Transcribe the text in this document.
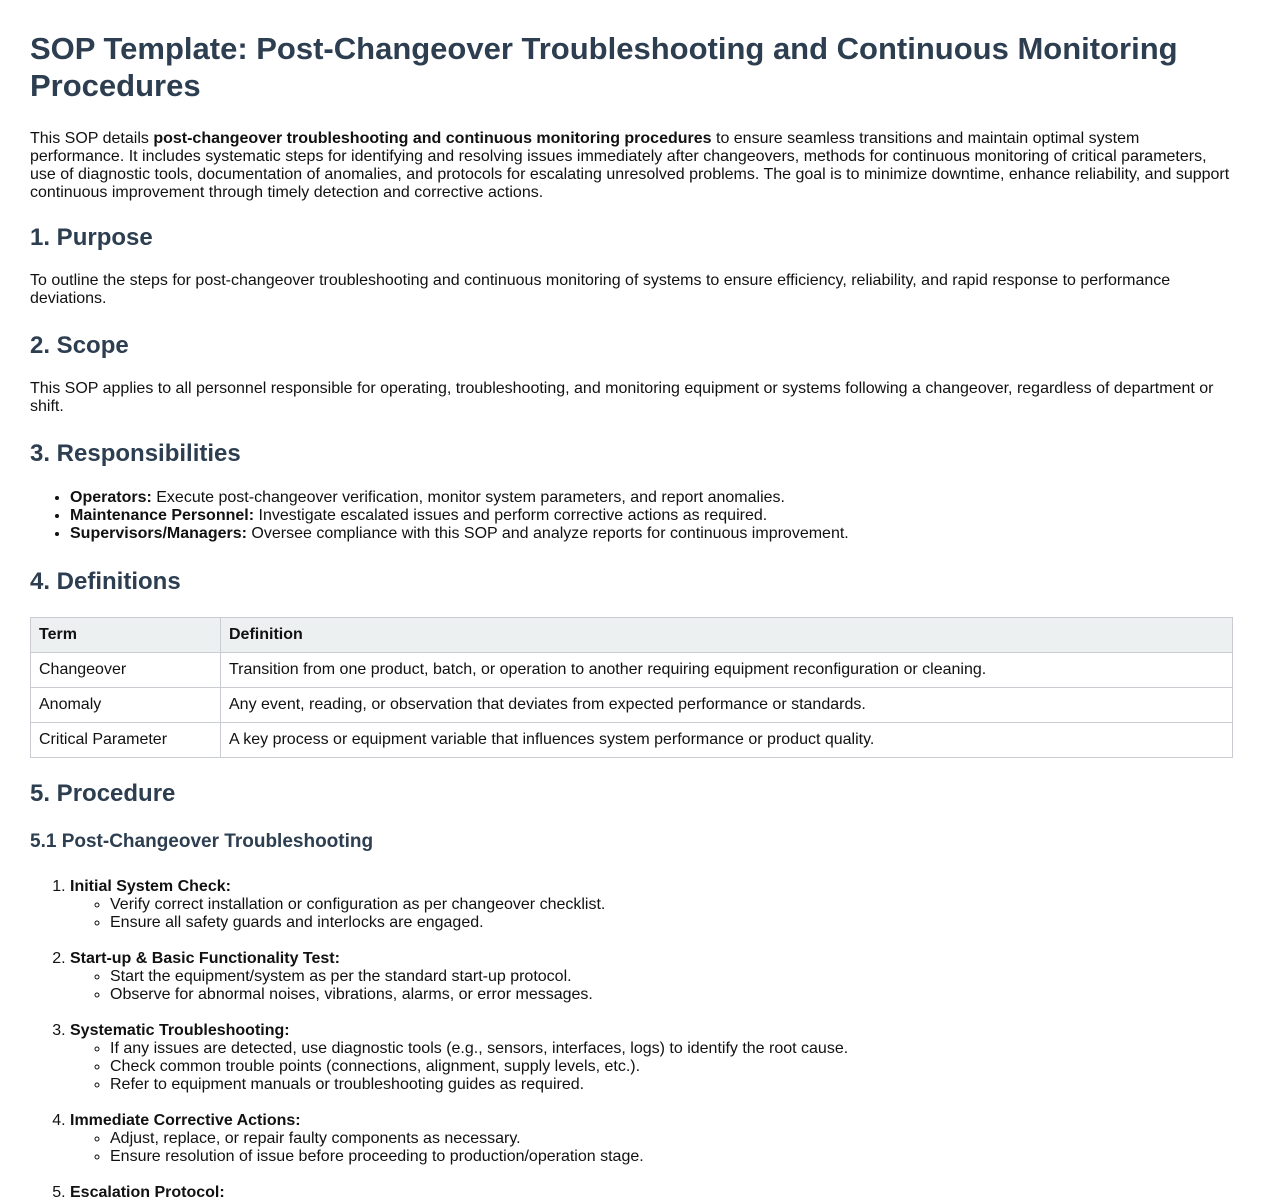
SOP Template: Post-Changeover Troubleshooting and Continuous Monitoring Procedures

This SOP details post-changeover troubleshooting and continuous monitoring procedures to ensure seamless transitions and maintain optimal system performance. It includes systematic steps for identifying and resolving issues immediately after changeovers, methods for continuous monitoring of critical parameters, use of diagnostic tools, documentation of anomalies, and protocols for escalating unresolved problems. The goal is to minimize downtime, enhance reliability, and support continuous improvement through timely detection and corrective actions.

1. Purpose

To outline the steps for post-changeover troubleshooting and continuous monitoring of systems to ensure efficiency, reliability, and rapid response to performance deviations.

2. Scope

This SOP applies to all personnel responsible for operating, troubleshooting, and monitoring equipment or systems following a changeover, regardless of department or shift.

3. Responsibilities
• Operators: Execute post-changeover verification, monitor system parameters, and report anomalies.
• Maintenance Personnel: Investigate escalated issues and perform corrective actions as required.
• Supervisors/Managers: Oversee compliance with this SOP and analyze reports for continuous improvement.
4. Definitions
Term	Definition
Changeover	Transition from one product, batch, or operation to another requiring equipment reconfiguration or cleaning.
Anomaly	Any event, reading, or observation that deviates from expected performance or standards.
Critical Parameter	A key process or equipment variable that influences system performance or product quality.
5. Procedure
5.1 Post-Changeover Troubleshooting
1. Initial System Check:
◦ Verify correct installation or configuration as per changeover checklist.
◦ Ensure all safety guards and interlocks are engaged.
2. Start-up & Basic Functionality Test:
◦ Start the equipment/system as per the standard start-up protocol.
◦ Observe for abnormal noises, vibrations, alarms, or error messages.
3. Systematic Troubleshooting:
◦ If any issues are detected, use diagnostic tools (e.g., sensors, interfaces, logs) to identify the root cause.
◦ Check common trouble points (connections, alignment, supply levels, etc.).
◦ Refer to equipment manuals or troubleshooting guides as required.
4. Immediate Corrective Actions:
◦ Adjust, replace, or repair faulty components as necessary.
◦ Ensure resolution of issue before proceeding to production/operation stage.
5. Escalation Protocol:
